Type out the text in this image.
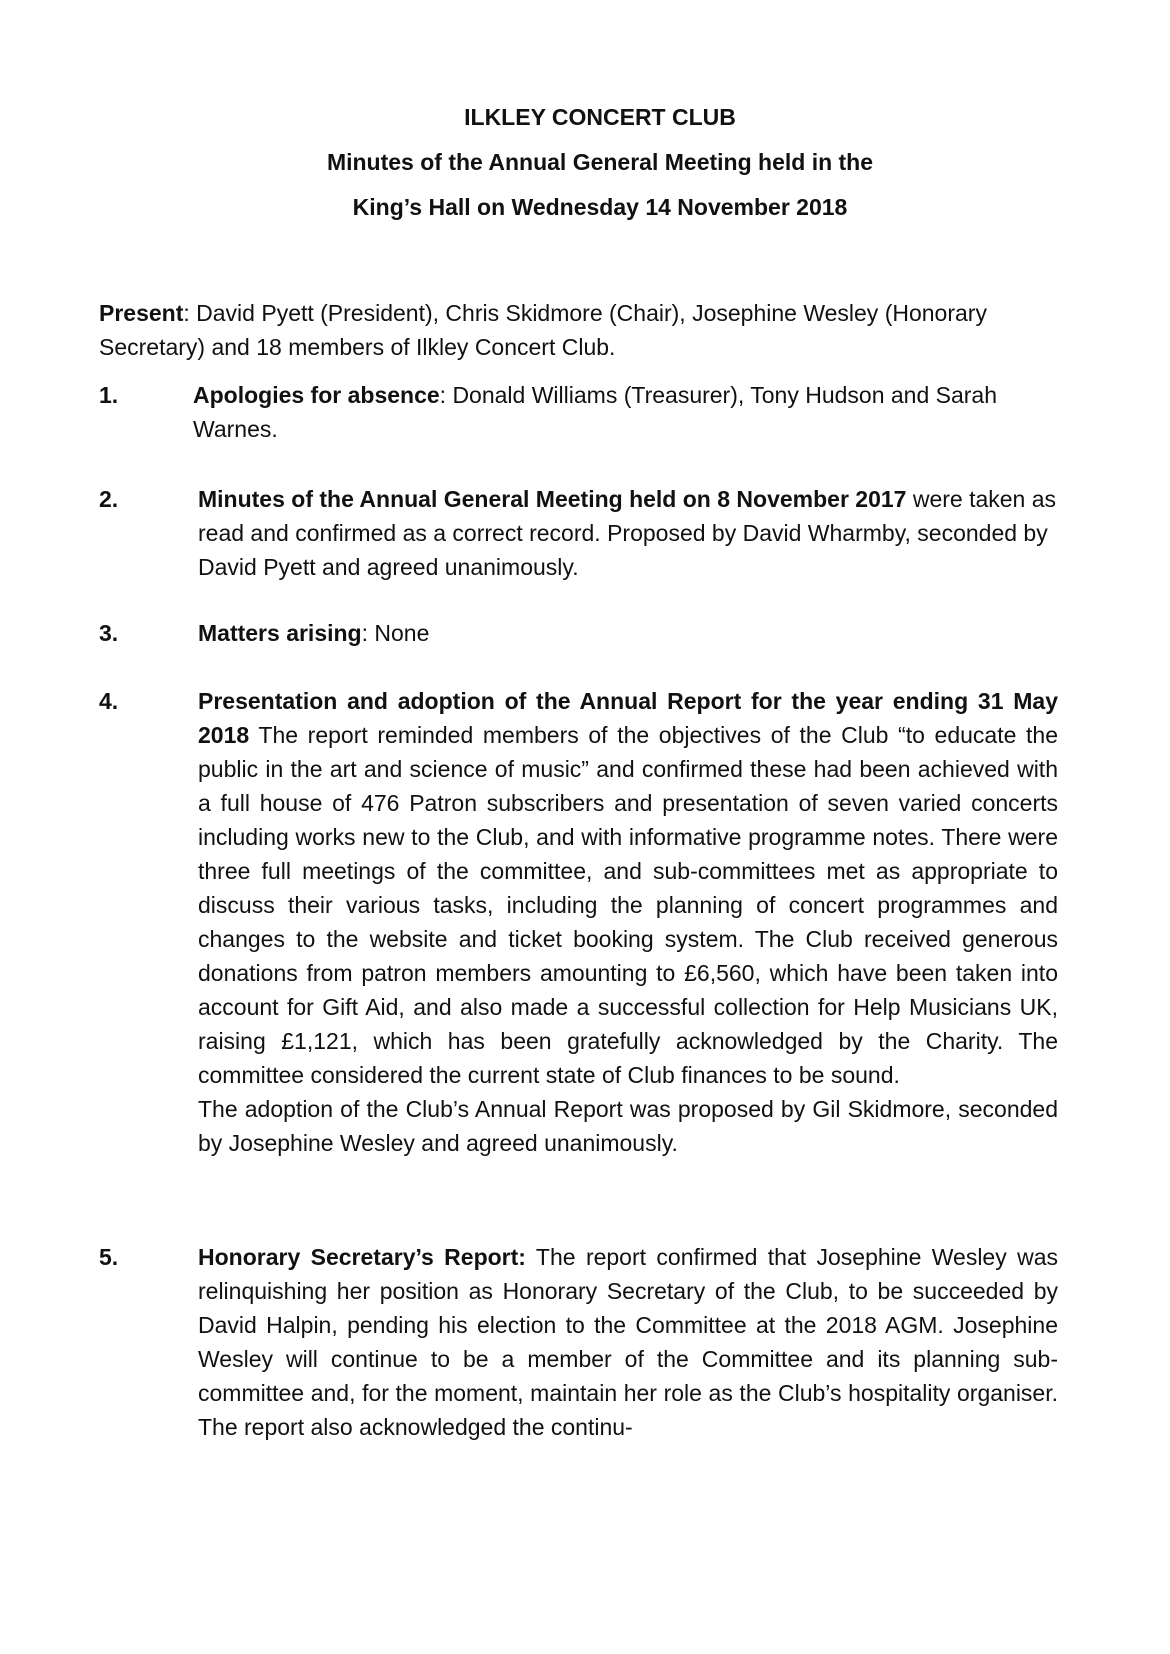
ILKLEY CONCERT CLUB
Minutes of the Annual General Meeting held in the
King’s Hall on Wednesday 14 November 2018
Present: David Pyett (President), Chris Skidmore (Chair), Josephine Wesley (Honorary Secretary) and 18 members of Ilkley Concert Club.
1.	Apologies for absence: Donald Williams (Treasurer), Tony Hudson and Sarah Warnes.
2.	Minutes of the Annual General Meeting held on 8 November 2017 were taken as read and confirmed as a correct record. Proposed by David Wharmby, seconded by David Pyett and agreed unanimously.
3.	Matters arising: None
4.	Presentation and adoption of the Annual Report for the year ending 31 May 2018 The report reminded members of the objectives of the Club “to educate the public in the art and science of music” and confirmed these had been achieved with a full house of 476 Patron subscribers and presentation of seven varied concerts including works new to the Club, and with informative programme notes. There were three full meetings of the committee, and sub-committees met as appropriate to discuss their various tasks, including the planning of concert programmes and changes to the website and ticket booking system. The Club received generous donations from patron members amounting to £6,560, which have been taken into account for Gift Aid, and also made a successful collection for Help Musicians UK, raising £1,121, which has been gratefully acknowledged by the Charity. The committee considered the current state of Club finances to be sound.
The adoption of the Club’s Annual Report was proposed by Gil Skidmore, seconded by Josephine Wesley and agreed unanimously.
5.	Honorary Secretary’s Report: The report confirmed that Josephine Wesley was relinquishing her position as Honorary Secretary of the Club, to be succeeded by David Halpin, pending his election to the Committee at the 2018 AGM. Josephine Wesley will continue to be a member of the Committee and its planning sub-committee and, for the moment, maintain her role as the Club’s hospitality organiser. The report also acknowledged the continu-
